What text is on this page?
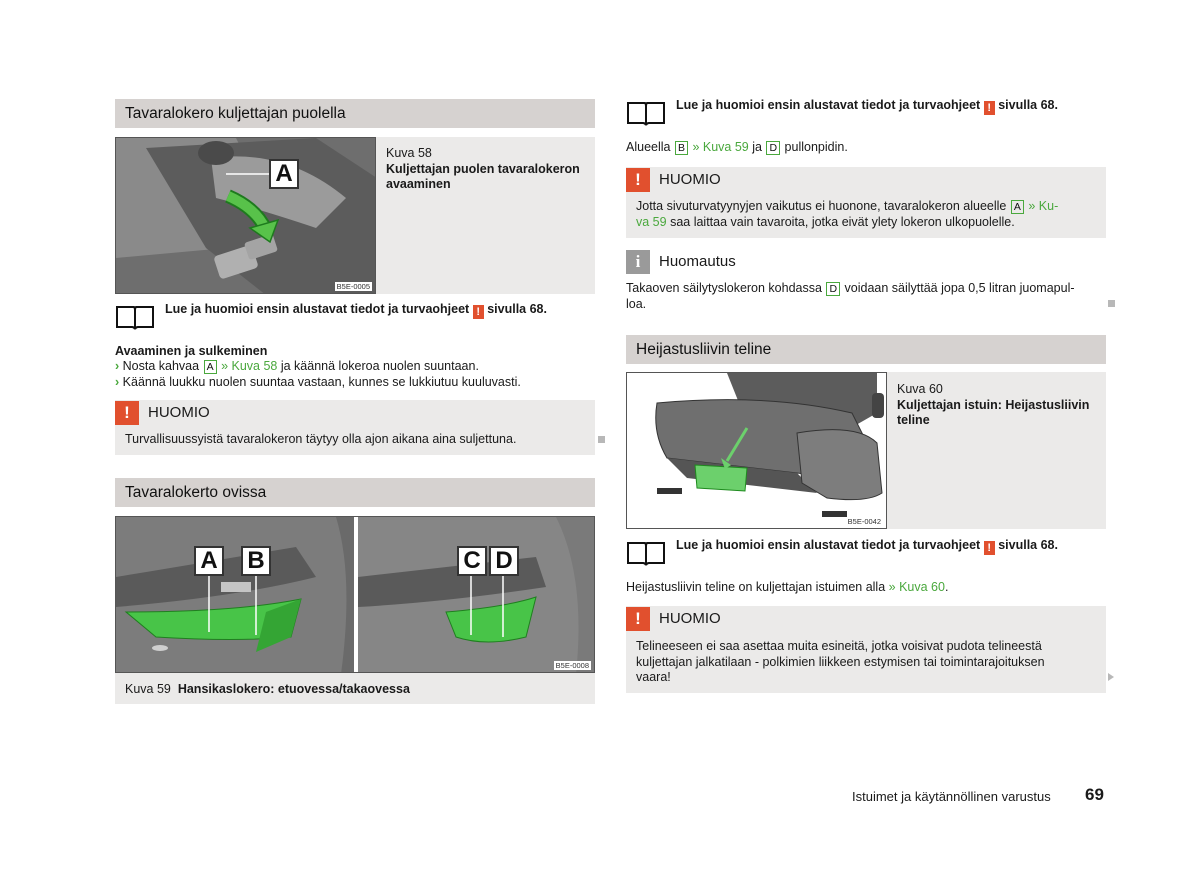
Tavaralokero kuljettajan puolella
A
B5E-0005
Kuva 58
Kuljettajan puolen tavaralokeron avaaminen
Lue ja huomioi ensin alustavat tiedot ja turvaohjeet ! sivulla 68.
Avaaminen ja sulkeminen
› Nosta kahvaa A » Kuva 58 ja käännä lokeroa nuolen suuntaan.
› Käännä luukku nuolen suuntaa vastaan, kunnes se lukkiutuu kuuluvasti.
! HUOMIO
Turvallisuussyistä tavaralokeron täytyy olla ajon aikana aina suljettuna.
Tavaralokerto ovissa
A B	C D
B5E-0008
Kuva 59 Hansikaslokero: etuovessa/takaovessa
Lue ja huomioi ensin alustavat tiedot ja turvaohjeet ! sivulla 68.
Alueella B » Kuva 59 ja D pullonpidin.
! HUOMIO
Jotta sivuturvatyynyjen vaikutus ei huonone, tavaralokeron alueelle A » Ku-
va 59 saa laittaa vain tavaroita, jotka eivät ylety lokeron ulkopuolelle.
i Huomautus
Takaoven säilytyslokeron kohdassa D voidaan säilyttää jopa 0,5 litran juomapul-
loa.
Heijastusliivin teline
B5E-0042
Kuva 60
Kuljettajan istuin: Heijastusliivin teline
Lue ja huomioi ensin alustavat tiedot ja turvaohjeet ! sivulla 68.
Heijastusliivin teline on kuljettajan istuimen alla » Kuva 60.
! HUOMIO
Telineeseen ei saa asettaa muita esineitä, jotka voisivat pudota telineestä
kuljettajan jalkatilaan - polkimien liikkeen estymisen tai toimintarajoituksen
vaara!
Istuimet ja käytännöllinen varustus 69
